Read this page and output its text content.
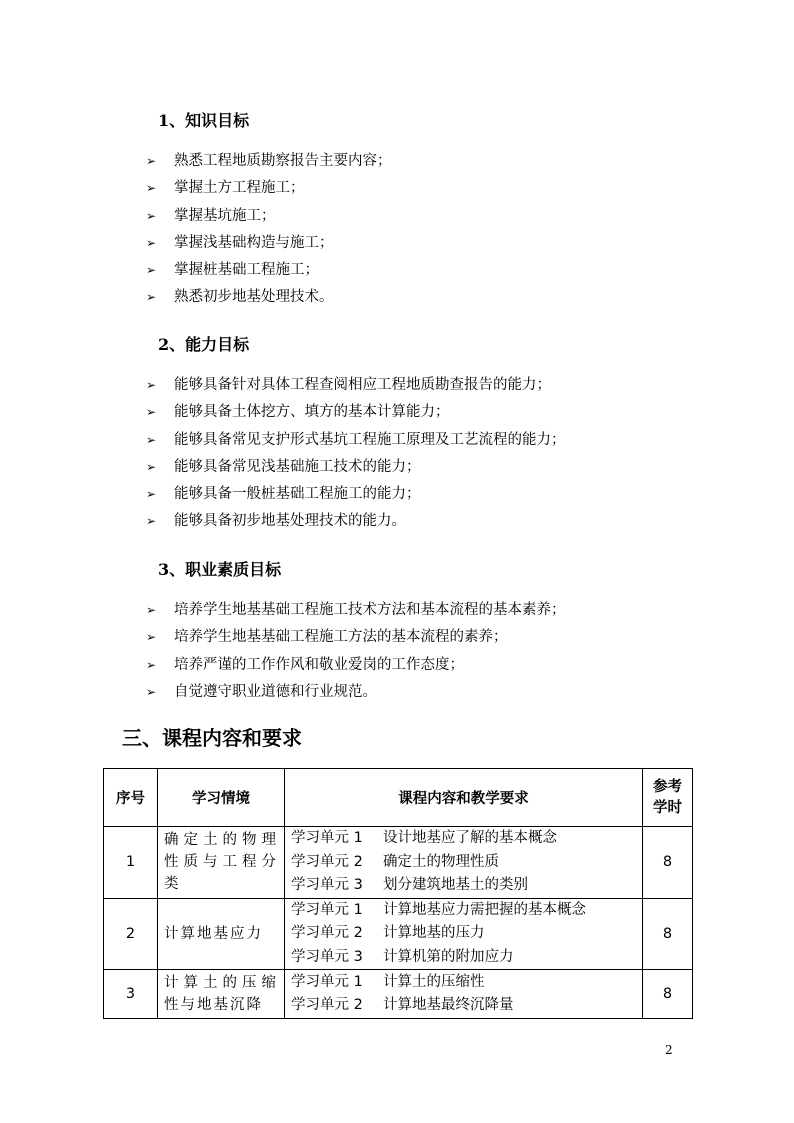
1、知识目标
➢ 熟悉工程地质勘察报告主要内容；
➢ 掌握土方工程施工；
➢ 掌握基坑施工；
➢ 掌握浅基础构造与施工；
➢ 掌握桩基础工程施工；
➢ 熟悉初步地基处理技术。
2、能力目标
➢ 能够具备针对具体工程查阅相应工程地质勘查报告的能力；
➢ 能够具备土体挖方、填方的基本计算能力；
➢ 能够具备常见支护形式基坑工程施工原理及工艺流程的能力；
➢ 能够具备常见浅基础施工技术的能力；
➢ 能够具备一般桩基础工程施工的能力；
➢ 能够具备初步地基处理技术的能力。
3、职业素质目标
➢ 培养学生地基基础工程施工技术方法和基本流程的基本素养；
➢ 培养学生地基基础工程施工方法的基本流程的素养；
➢ 培养严谨的工作作风和敬业爱岗的工作态度；
➢ 自觉遵守职业道德和行业规范。
三、课程内容和要求
序号	学习情境	课程内容和教学要求	参考
学时
1	确定土的物理性质与工程分类	学习单元 1 设计地基应了解的基本概念
学习单元 2 确定土的物理性质
学习单元 3 划分建筑地基土的类别	8
2	计算地基应力	学习单元 1 计算地基应力需把握的基本概念
学习单元 2 计算地基的压力
学习单元 3 计算机第的附加应力	8
3	计算土的压缩性与地基沉降	学习单元 1 计算土的压缩性
学习单元 2 计算地基最终沉降量	8
2
